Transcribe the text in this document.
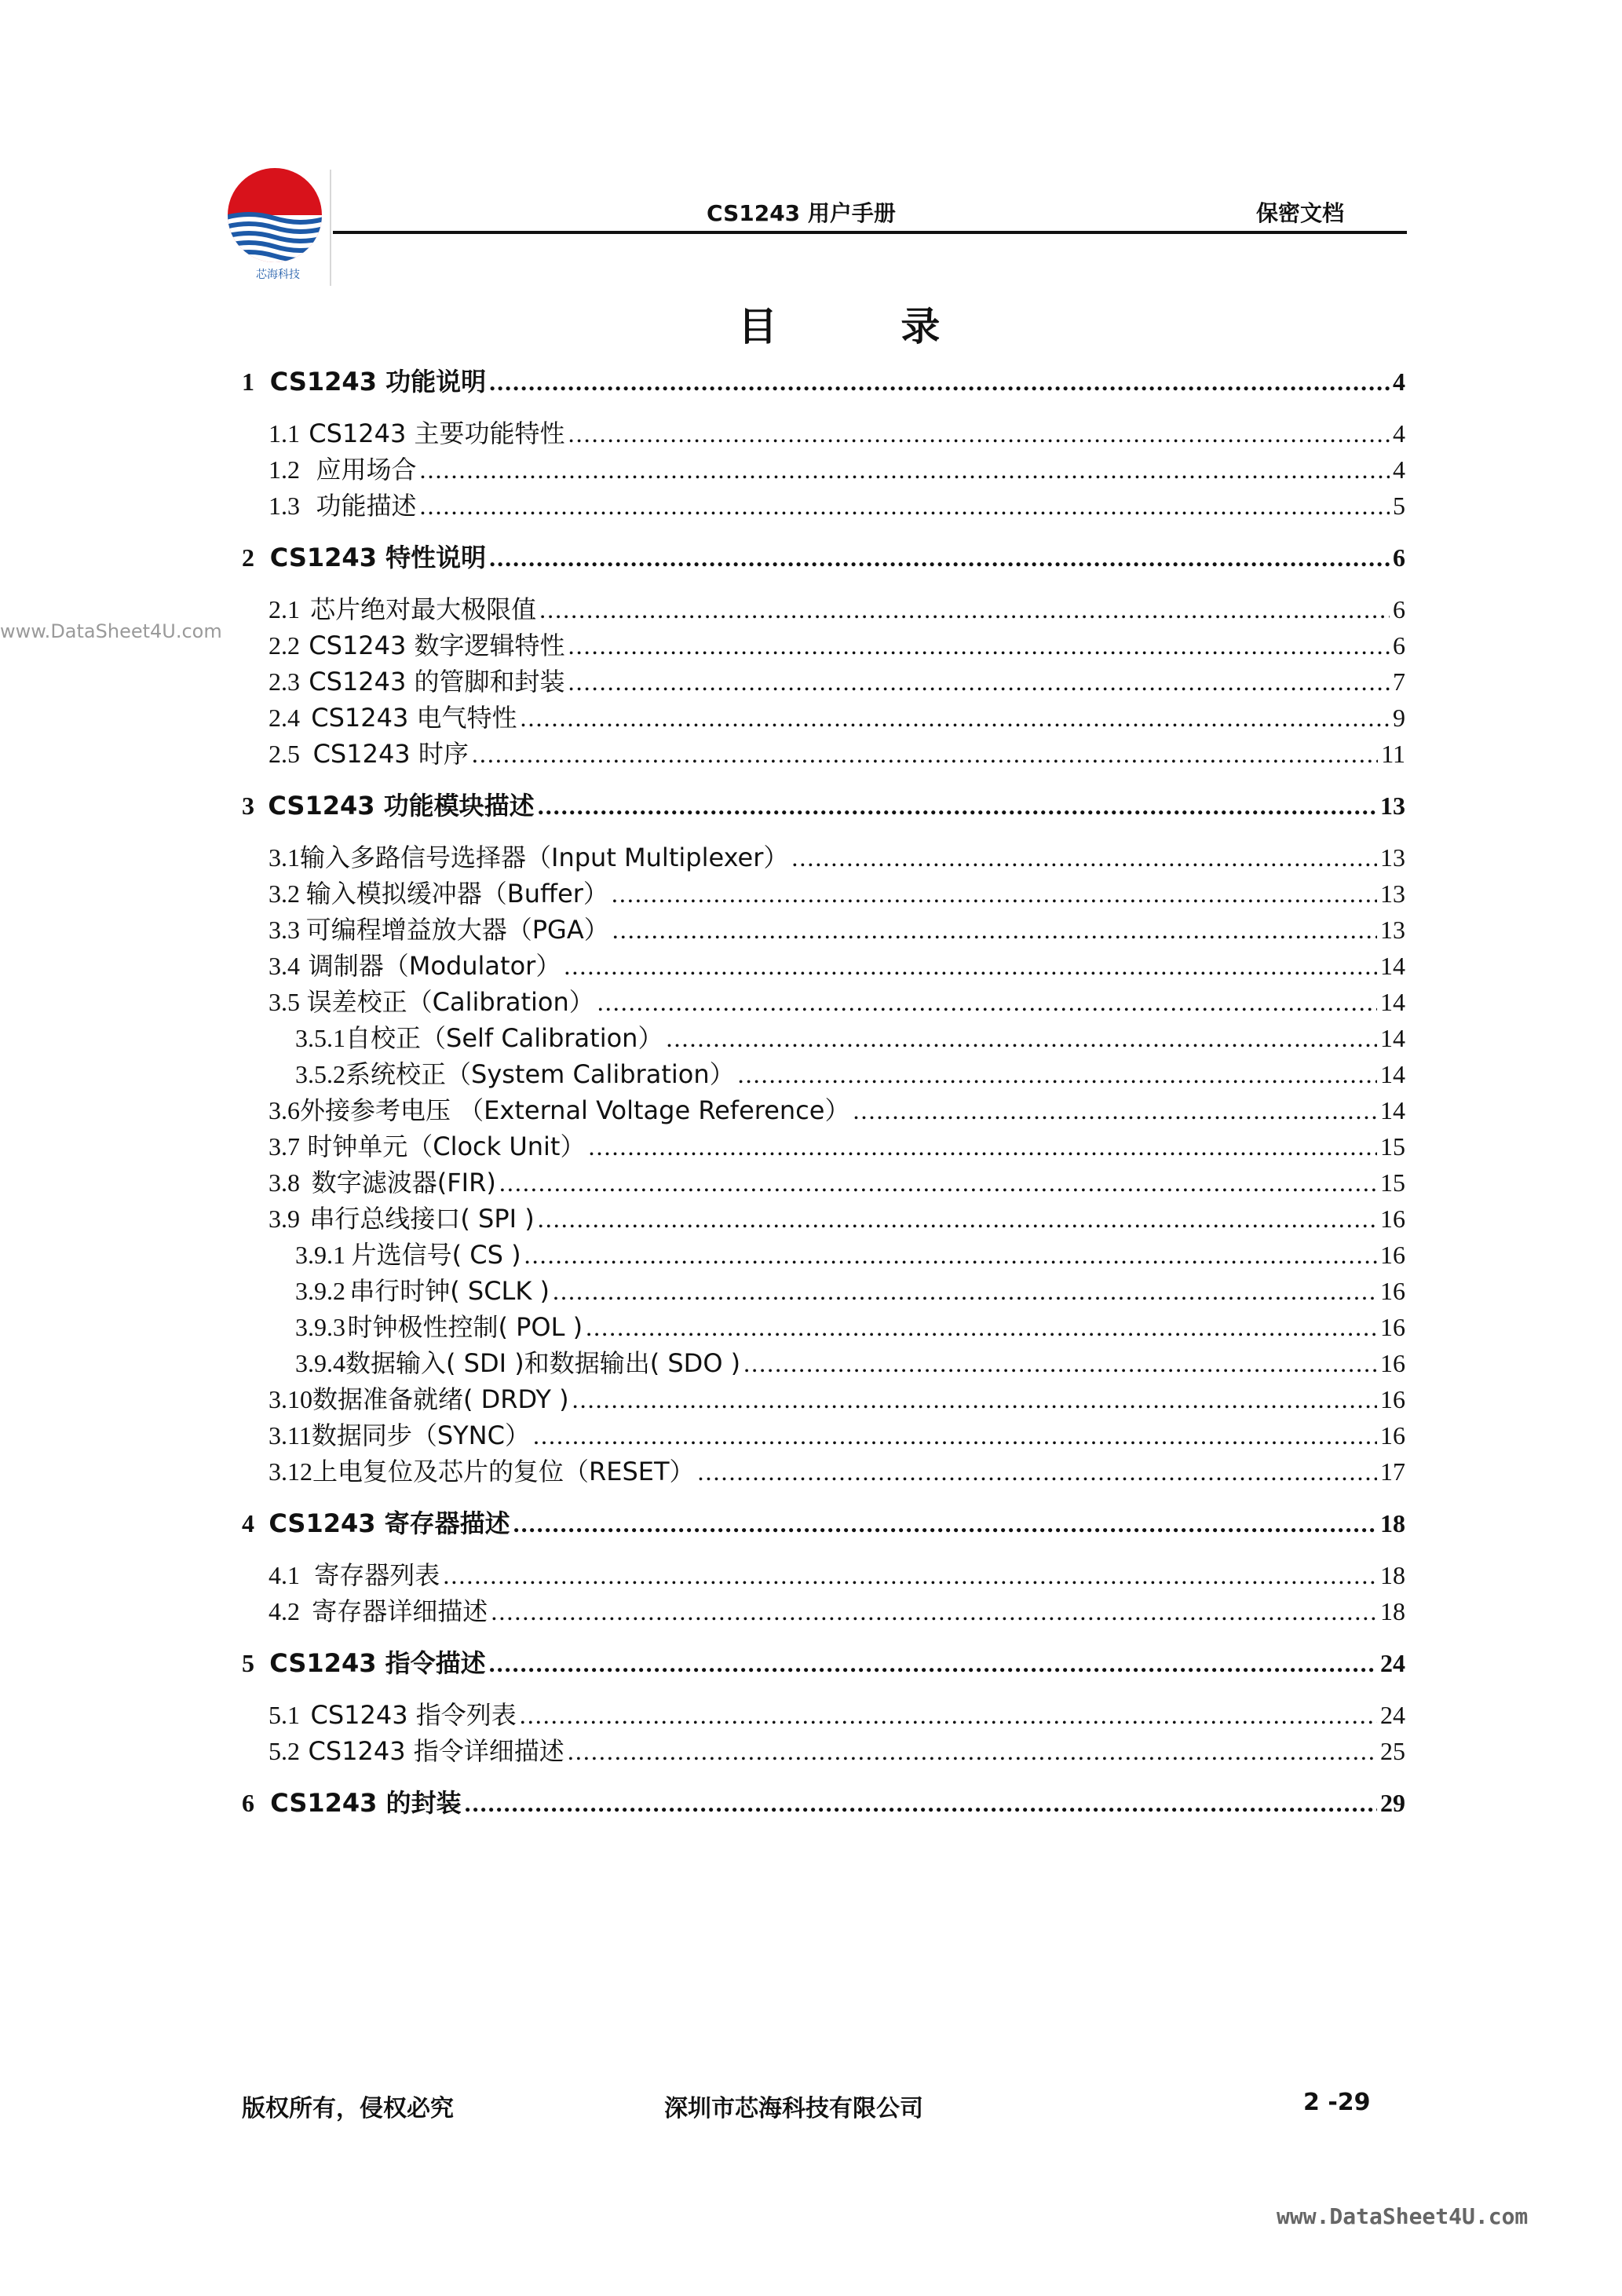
芯海科技
CS1243 用户手册	保密文档
目 录
www.DataSheet4U.com
www.DataSheet4U.com
1 CS1243 功能说明 . . .	4
1.1 CS1243 主要功能特性 . . .	4
1.2 应用场合 . . .	4
1.3 功能描述 . . .	5
2 CS1243 特性说明 . . .	6
2.1 芯片绝对最大极限值 . . .	6
2.2 CS1243 数字逻辑特性 . . .	6
2.3 CS1243 的管脚和封装 . . .	7
2.4 CS1243 电气特性 . . .	9
2.5 CS1243 时序 . . .	11
3 CS1243 功能模块描述 . . .	13
3.1 输入多路信号选择器（Input Multiplexer） . . .	13
3.2 输入模拟缓冲器（Buffer） . . .	13
3.3 可编程增益放大器（PGA） . . .	13
3.4 调制器（Modulator） . . .	14
3.5 误差校正（Calibration） . . .	14
3.5.1 自校正（Self Calibration） . . .	14
3.5.2 系统校正（System Calibration） . . .	14
3.6 外接参考电压 （External Voltage Reference） . . .	14
3.7 时钟单元（Clock Unit） . . .	15
3.8 数字滤波器(FIR) . . .	15
3.9 串行总线接口( SPI ) . . .	16
3.9.1 片选信号( CS ) . . .	16
3.9.2 串行时钟( SCLK ) . . .	16
3.9.3 时钟极性控制( POL ) . . .	16
3.9.4 数据输入( SDI )和数据输出( SDO ) . . .	16
3.10 数据准备就绪( DRDY ) . . .	16
3.11 数据同步（SYNC） . . .	16
3.12 上电复位及芯片的复位（RESET） . . .	17
4 CS1243 寄存器描述 . . .	18
4.1 寄存器列表 . . .	18
4.2 寄存器详细描述 . . .	18
5 CS1243 指令描述 . . .	24
5.1 CS1243 指令列表 . . .	24
5.2 CS1243 指令详细描述 . . .	25
6 CS1243 的封装 . . .	29
版权所有，侵权必究	深圳市芯海科技有限公司	2 -29
